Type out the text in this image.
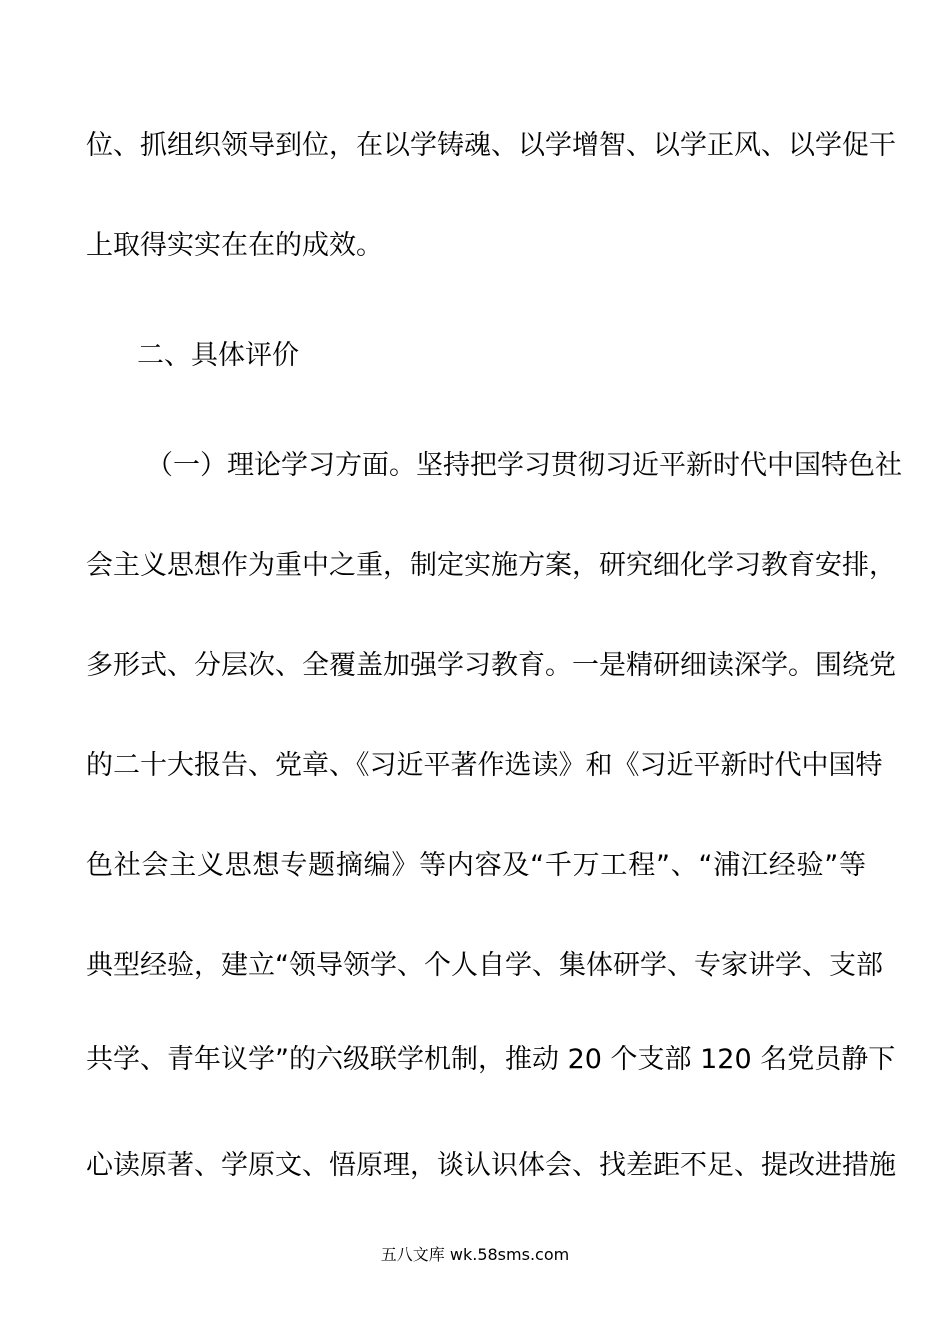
位、抓组织领导到位，在以学铸魂、以学增智、以学正风、以学促干
上取得实实在在的成效。
二、具体评价
（一）理论学习方面。坚持把学习贯彻习近平新时代中国特色社
会主义思想作为重中之重，制定实施方案，研究细化学习教育安排，
多形式、分层次、全覆盖加强学习教育。一是精研细读深学。围绕党
的二十大报告、党章、《习近平著作选读》和《习近平新时代中国特
色社会主义思想专题摘编》等内容及“千万工程”、“浦江经验”等
典型经验，建立“领导领学、个人自学、集体研学、专家讲学、支部
共学、青年议学”的六级联学机制，推动 20 个支部 120 名党员静下
心读原著、学原文、悟原理，谈认识体会、找差距不足、提改进措施
五八文库 wk.58sms.com
